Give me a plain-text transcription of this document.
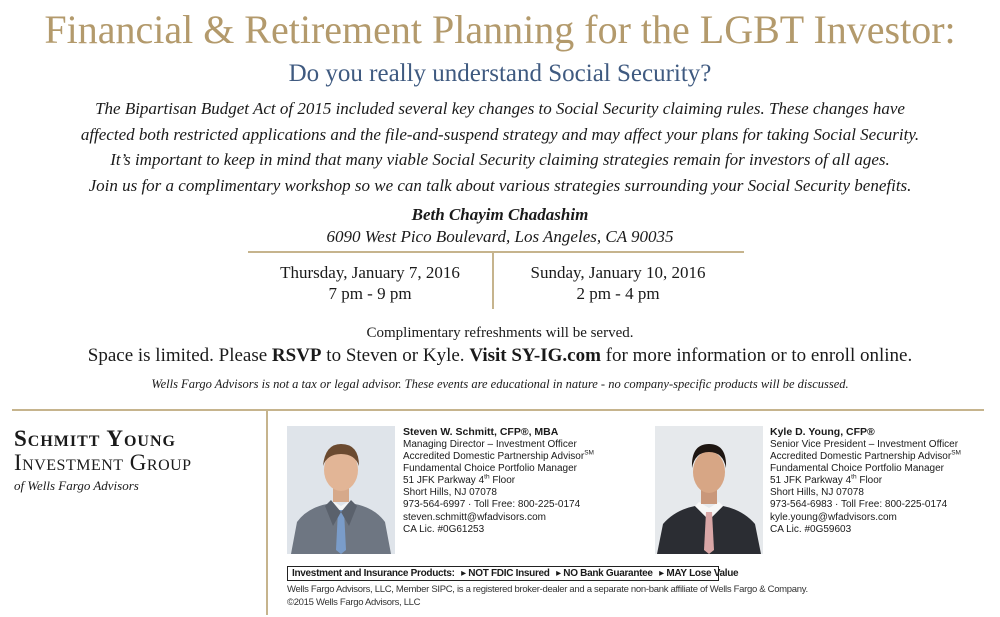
Financial & Retirement Planning for the LGBT Investor:
Do you really understand Social Security?
The Bipartisan Budget Act of 2015 included several key changes to Social Security claiming rules. These changes have
affected both restricted applications and the file-and-suspend strategy and may affect your plans for taking Social Security.
It’s important to keep in mind that many viable Social Security claiming strategies remain for investors of all ages.
Join us for a complimentary workshop so we can talk about various strategies surrounding your Social Security benefits.
Beth Chayim Chadashim
6090 West Pico Boulevard, Los Angeles, CA 90035
Thursday, January 7, 2016
7 pm - 9 pm
Sunday, January 10, 2016
2 pm - 4 pm
Complimentary refreshments will be served.
Space is limited. Please RSVP to Steven or Kyle. Visit SY-IG.com for more information or to enroll online.
Wells Fargo Advisors is not a tax or legal advisor. These events are educational in nature - no company-specific products will be discussed.
Schmitt Young
Investment Group
of Wells Fargo Advisors
Steven W. Schmitt, CFP®, MBA
Managing Director – Investment Officer
Accredited Domestic Partnership Advisor℠
Fundamental Choice Portfolio Manager
51 JFK Parkway 4th Floor
Short Hills, NJ 07078
973-564-6997 · Toll Free: 800-225-0174
steven.schmitt@wfadvisors.com
CA Lic. #0G61253
Kyle D. Young, CFP®
Senior Vice President – Investment Officer
Accredited Domestic Partnership Advisor℠
Fundamental Choice Portfolio Manager
51 JFK Parkway 4th Floor
Short Hills, NJ 07078
973-564-6983 · Toll Free: 800-225-0174
kyle.young@wfadvisors.com
CA Lic. #0G59603
Investment and Insurance Products: ▸ NOT FDIC Insured ▸ NO Bank Guarantee ▸ MAY Lose Value
Wells Fargo Advisors, LLC, Member SIPC, is a registered broker-dealer and a separate non-bank affiliate of Wells Fargo & Company.
©2015 Wells Fargo Advisors, LLC
